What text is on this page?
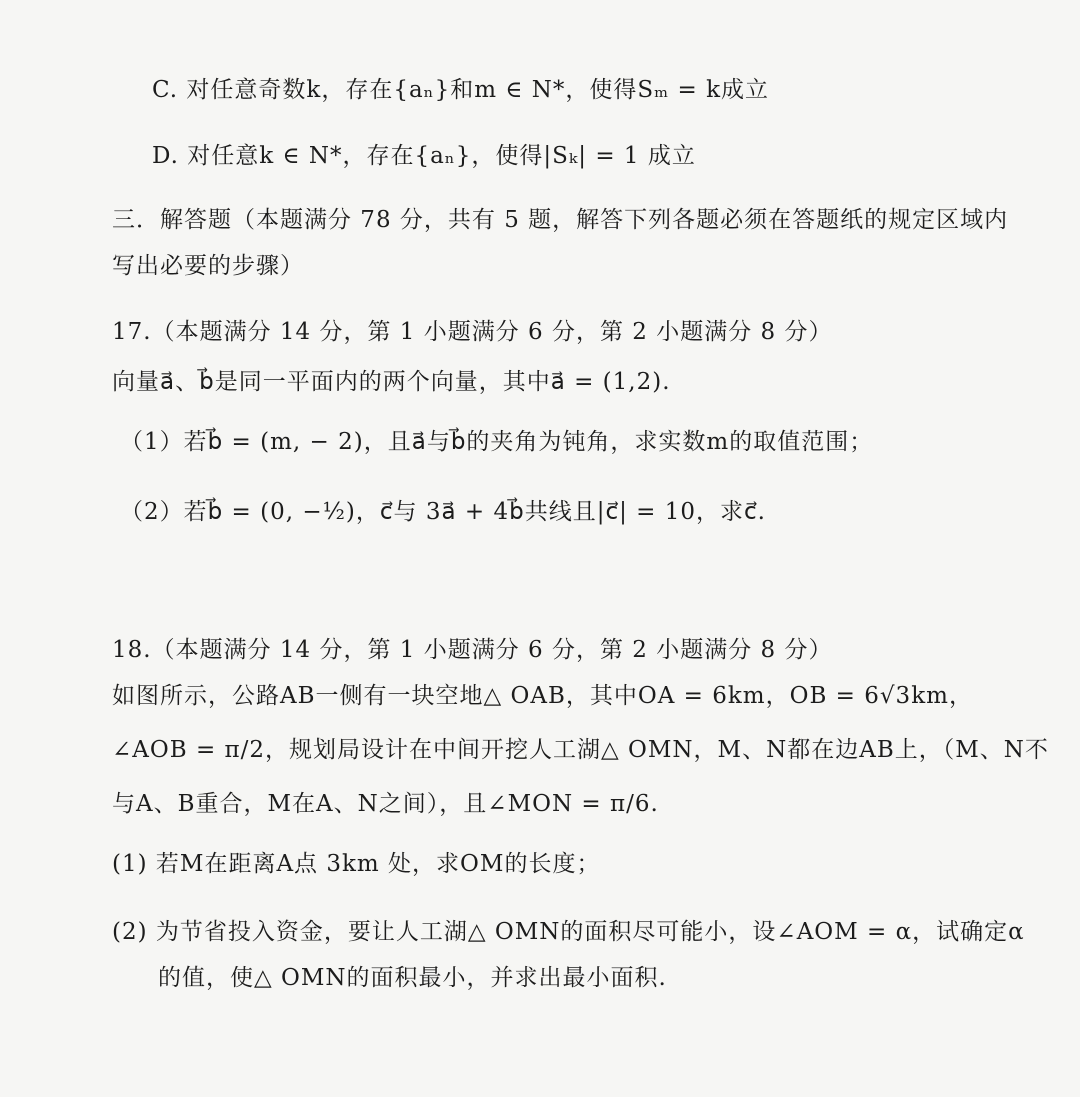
C. 对任意奇数k，存在{aₙ}和m ∈ N*，使得Sₘ = k成立
D. 对任意k ∈ N*，存在{aₙ}，使得|Sₖ| = 1 成立
三．解答题（本题满分 78 分，共有 5 题，解答下列各题必须在答题纸的规定区域内
写出必要的步骤）
17.（本题满分 14 分，第 1 小题满分 6 分，第 2 小题满分 8 分）
向量a⃗、b⃗是同一平面内的两个向量，其中a⃗ = (1,2).
（1）若b⃗ = (m, − 2)，且a⃗与b⃗的夹角为钝角，求实数m的取值范围；
（2）若b⃗ = (0, −½)，c⃗与 3a⃗ + 4b⃗共线且|c⃗| = 10，求c⃗.
18.（本题满分 14 分，第 1 小题满分 6 分，第 2 小题满分 8 分）
如图所示，公路AB一侧有一块空地△ OAB，其中OA = 6km，OB = 6√3km，
∠AOB = π/2，规划局设计在中间开挖人工湖△ OMN，M、N都在边AB上，（M、N不
与A、B重合，M在A、N之间），且∠MON = π/6.
(1) 若M在距离A点 3km 处，求OM的长度；
(2) 为节省投入资金，要让人工湖△ OMN的面积尽可能小，设∠AOM = α，试确定α
的值，使△ OMN的面积最小，并求出最小面积.
